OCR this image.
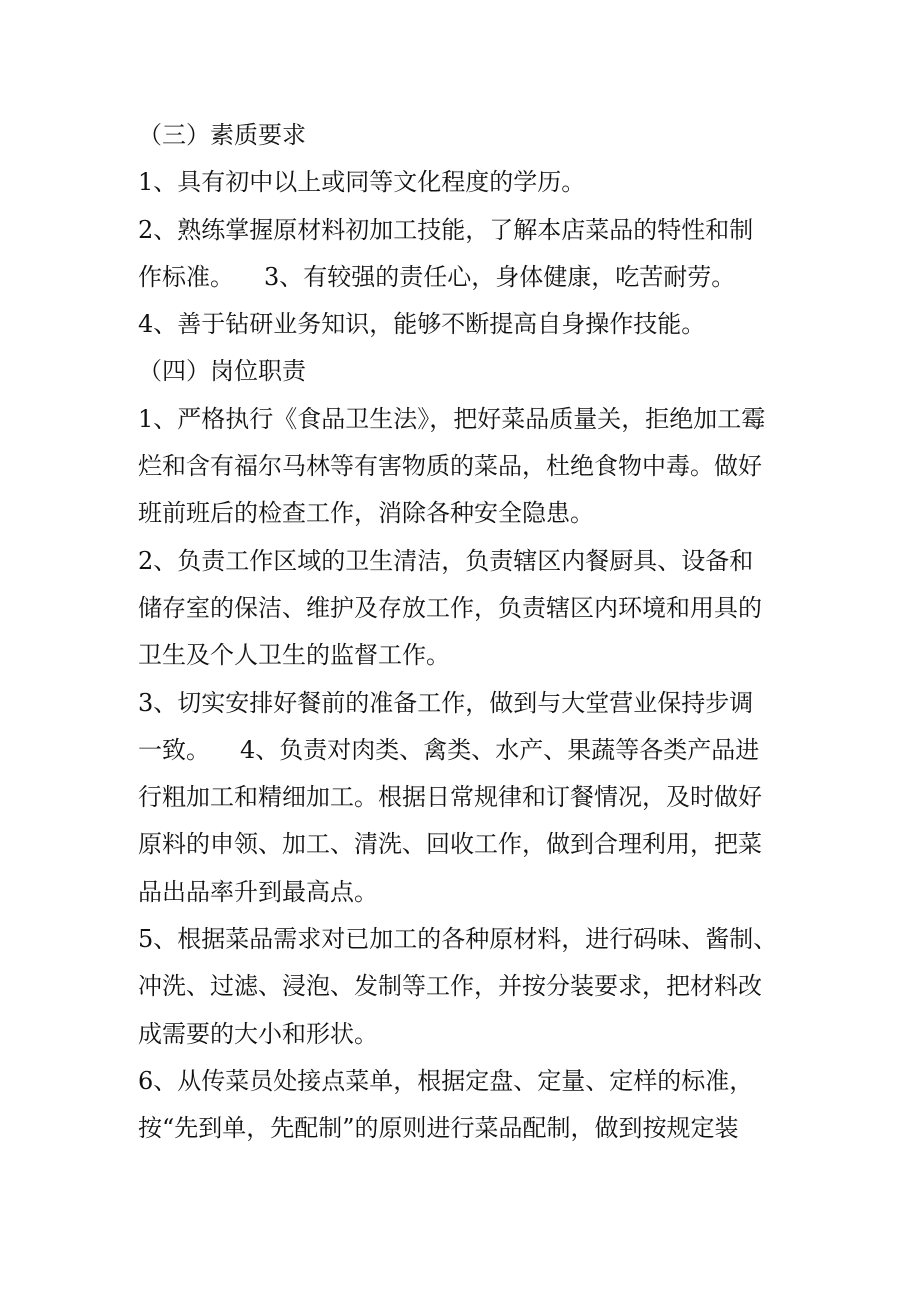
（三）素质要求
1、具有初中以上或同等文化程度的学历。
2、熟练掌握原材料初加工技能，了解本店菜品的特性和制
作标准。 3、有较强的责任心，身体健康，吃苦耐劳。
4、善于钻研业务知识，能够不断提高自身操作技能。
（四）岗位职责
1、严格执行《食品卫生法》，把好菜品质量关，拒绝加工霉
烂和含有福尔马林等有害物质的菜品，杜绝食物中毒。做好
班前班后的检查工作，消除各种安全隐患。
2、负责工作区域的卫生清洁，负责辖区内餐厨具、设备和
储存室的保洁、维护及存放工作，负责辖区内环境和用具的
卫生及个人卫生的监督工作。
3、切实安排好餐前的准备工作，做到与大堂营业保持步调
一致。 4、负责对肉类、禽类、水产、果蔬等各类产品进
行粗加工和精细加工。根据日常规律和订餐情况，及时做好
原料的申领、加工、清洗、回收工作，做到合理利用，把菜
品出品率升到最高点。
5、根据菜品需求对已加工的各种原材料，进行码味、酱制、
冲洗、过滤、浸泡、发制等工作，并按分装要求，把材料改
成需要的大小和形状。
6、从传菜员处接点菜单，根据定盘、定量、定样的标准，
按“先到单，先配制”的原则进行菜品配制，做到按规定装
